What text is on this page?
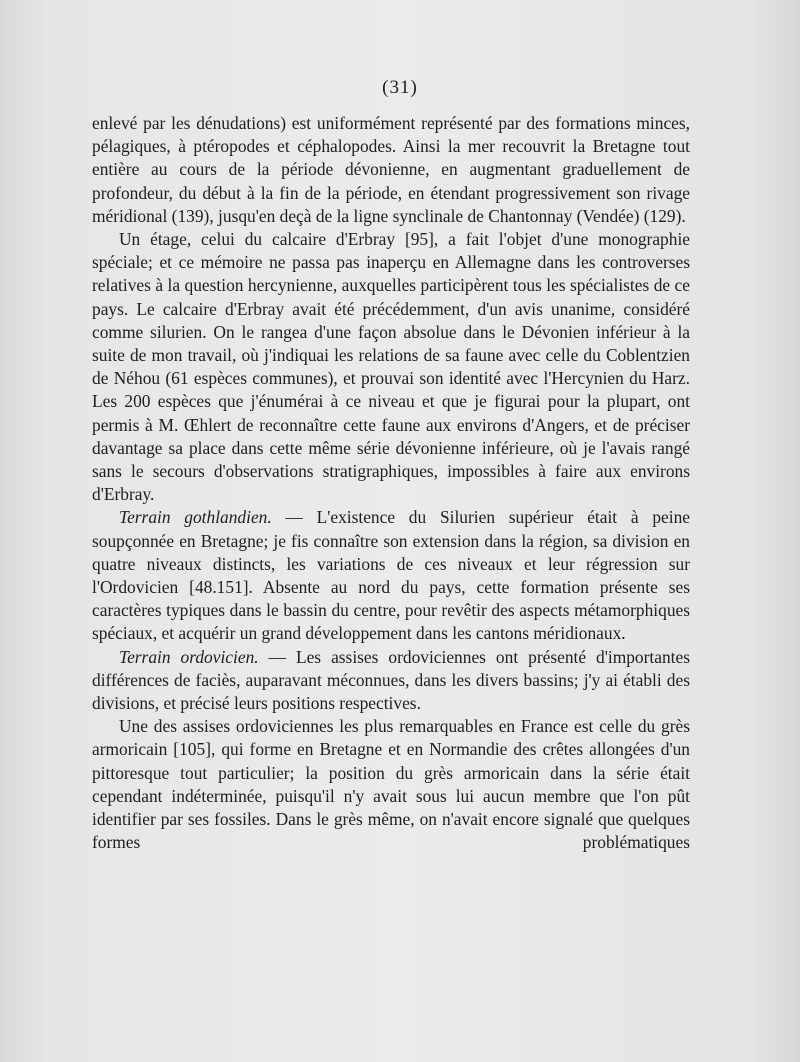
(31)

enlevé par les dénudations) est uniformément représenté par des formations minces, pélagiques, à ptéropodes et céphalopodes. Ainsi la mer recouvrit la Bretagne tout entière au cours de la période dévonienne, en augmentant graduellement de profondeur, du début à la fin de la période, en étendant progressivement son rivage méridional (139), jusqu'en deçà de la ligne synclinale de Chantonnay (Vendée) (129).

Un étage, celui du calcaire d'Erbray [95], a fait l'objet d'une monographie spéciale; et ce mémoire ne passa pas inaperçu en Allemagne dans les controverses relatives à la question hercynienne, auxquelles participèrent tous les spécialistes de ce pays. Le calcaire d'Erbray avait été précédemment, d'un avis unanime, considéré comme silurien. On le rangea d'une façon absolue dans le Dévonien inférieur à la suite de mon travail, où j'indiquai les relations de sa faune avec celle du Coblentzien de Néhou (61 espèces communes), et prouvai son identité avec l'Hercynien du Harz. Les 200 espèces que j'énumérai à ce niveau et que je figurai pour la plupart, ont permis à M. Œhlert de reconnaître cette faune aux environs d'Angers, et de préciser davantage sa place dans cette même série dévonienne inférieure, où je l'avais rangé sans le secours d'observations stratigraphiques, impossibles à faire aux environs d'Erbray.

Terrain gothlandien. — L'existence du Silurien supérieur était à peine soupçonnée en Bretagne; je fis connaître son extension dans la région, sa division en quatre niveaux distincts, les variations de ces niveaux et leur régression sur l'Ordovicien [48.151]. Absente au nord du pays, cette formation présente ses caractères typiques dans le bassin du centre, pour revêtir des aspects métamorphiques spéciaux, et acquérir un grand développement dans les cantons méridionaux.

Terrain ordovicien. — Les assises ordoviciennes ont présenté d'importantes différences de faciès, auparavant méconnues, dans les divers bassins; j'y ai établi des divisions, et précisé leurs positions respectives.

Une des assises ordoviciennes les plus remarquables en France est celle du grès armoricain [105], qui forme en Bretagne et en Normandie des crêtes allongées d'un pittoresque tout particulier; la position du grès armoricain dans la série était cependant indéterminée, puisqu'il n'y avait sous lui aucun membre que l'on pût identifier par ses fossiles. Dans le grès même, on n'avait encore signalé que quelques formes problématiques
